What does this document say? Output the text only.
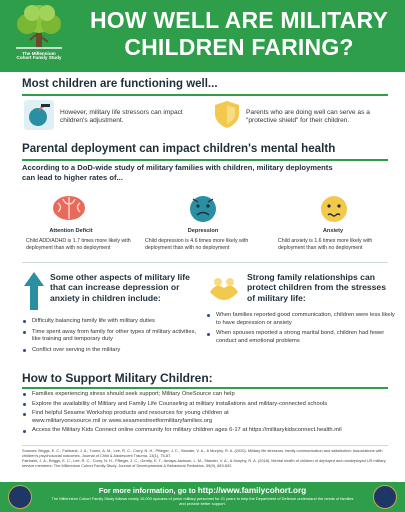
The Millennium
Cohort Family Study
HOW WELL ARE MILITARY
CHILDREN FARING?
Most children are functioning well...
However, military life stressors can impact children's adjustment.
Parents who are doing well can serve as a "protective shield" for their children.
Parental deployment can impact children's mental health
According to a DoD-wide study of military families with children, military deployments
can lead to higher rates of...
Attention Deficit
Child ADD/ADHD is 1.7 times more likely with deployment than with no deployment
Depression
Child depression is 4.6 times more likely with deployment than with no deployment
Anxiety
Child anxiety is 1.6 times more likely with deployment than with no deployment
Some other aspects of military life that can increase depression or anxiety in children include:
Difficulty balancing family life with military duties
Time spent away from family for other types of military activities, like training and temporary duty
Conflict over serving in the military
Strong family relationships can protect children from the stresses of military life:
When families reported good communication, children were less likely to have depression or anxiety
When spouses reported a strong marital bond, children had fewer conduct and emotional problems
How to Support Military Children:
Families experiencing stress should seek support; Military OneSource can help
Explore the availability of Military and Family Life Counseling at military installations and military-connected schools
Find helpful Sesame Workshop products and resources for young children at www.militaryonesource.mil or www.sesamestreetformilitaryfamilies.org
Access the Military Kids Connect online community for military children ages 6-17 at https://militarykidsconnect.health.mil
Sources: Briggs, E. C., Fairbank, J. A., Tunno, A. M., Lee, R. C., Corry, N. H., Pflieger, J. C., Stander, V. A., & Murphy, R. A. (2020). Military life stressors, family communication and satisfaction: Associations with children's psychosocial outcomes. Journal of Child & Adolescent Trauma, 13(1), 75-87.
Fairbank, J. A., Briggs, E. C., Lee, R. C., Corry, N. H., Pflieger, J. C., Gerrity, E. T., Amaya-Jackson, L. M., Stander, V. A., & Murphy, R. A. (2018). Mental health of children of deployed and nondeployed US military service members: The Millennium Cohort Family Study. Journal of Developmental & Behavioral Pediatrics, 39(9), 683-692.
For more information, go to http://www.familycohort.org
The Millennium Cohort Family Study follows nearly 10,000 spouses of junior military personnel for 21 years to help the Department of Defense understand the needs of families and provide better support.
